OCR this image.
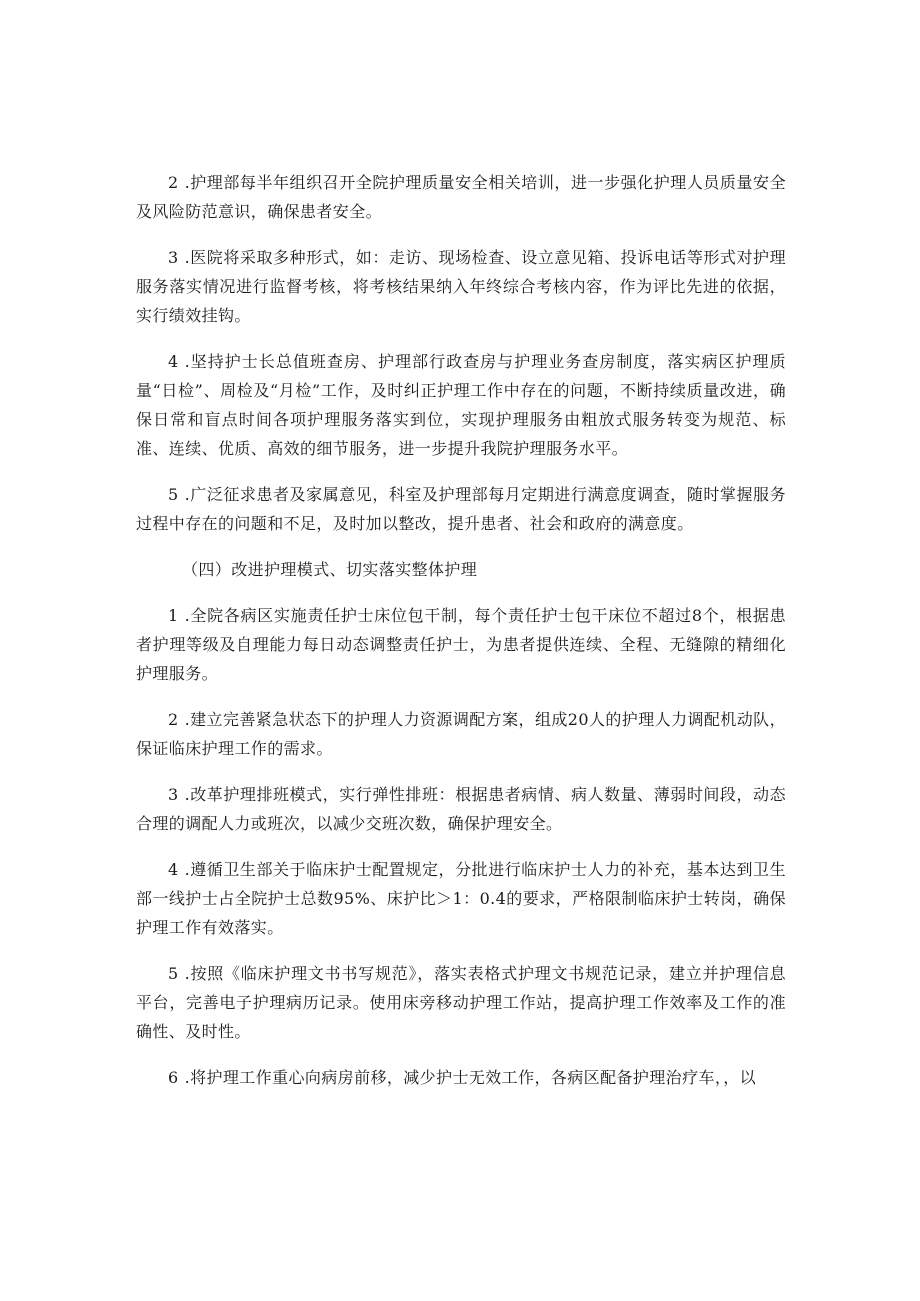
2 .护理部每半年组织召开全院护理质量安全相关培训，进一步强化护理人员质量安全及风险防范意识，确保患者安全。

3 .医院将采取多种形式，如：走访、现场检查、设立意见箱、投诉电话等形式对护理服务落实情况进行监督考核，将考核结果纳入年终综合考核内容，作为评比先进的依据，实行绩效挂钩。

4 .坚持护士长总值班查房、护理部行政查房与护理业务查房制度，落实病区护理质量“日检”、周检及“月检”工作，及时纠正护理工作中存在的问题，不断持续质量改进，确保日常和盲点时间各项护理服务落实到位，实现护理服务由粗放式服务转变为规范、标准、连续、优质、高效的细节服务，进一步提升我院护理服务水平。

5 .广泛征求患者及家属意见，科室及护理部每月定期进行满意度调查，随时掌握服务过程中存在的问题和不足，及时加以整改，提升患者、社会和政府的满意度。

（四）改进护理模式、切实落实整体护理

1 .全院各病区实施责任护士床位包干制，每个责任护士包干床位不超过8个，根据患者护理等级及自理能力每日动态调整责任护士，为患者提供连续、全程、无缝隙的精细化护理服务。

2 .建立完善紧急状态下的护理人力资源调配方案，组成20人的护理人力调配机动队，保证临床护理工作的需求。

3 .改革护理排班模式，实行弹性排班：根据患者病情、病人数量、薄弱时间段，动态合理的调配人力或班次，以减少交班次数，确保护理安全。

4 .遵循卫生部关于临床护士配置规定，分批进行临床护士人力的补充，基本达到卫生部一线护士占全院护士总数95%、床护比＞1：0.4的要求，严格限制临床护士转岗，确保护理工作有效落实。

5 .按照《临床护理文书书写规范》，落实表格式护理文书规范记录，建立并护理信息平台，完善电子护理病历记录。使用床旁移动护理工作站，提高护理工作效率及工作的准确性、及时性。

6 .将护理工作重心向病房前移，减少护士无效工作，各病区配备护理治疗车，，以
